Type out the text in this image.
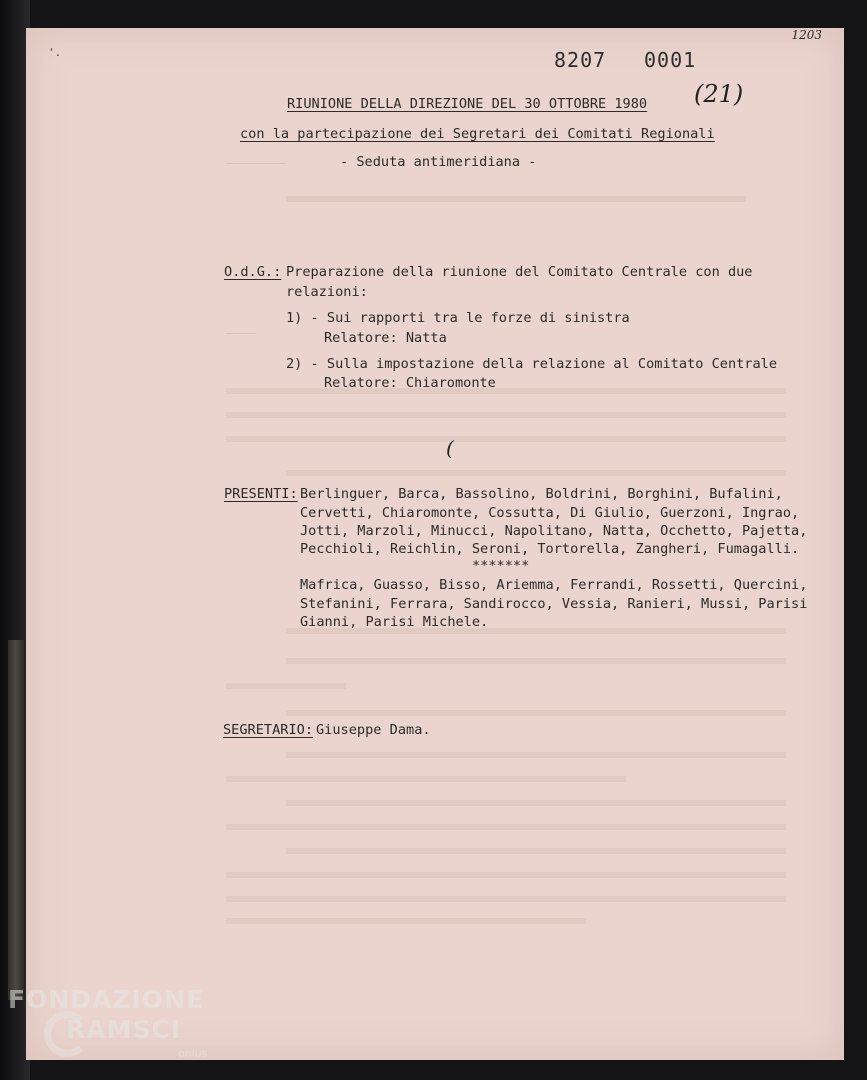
'.
1203
8207 0001
(21)
RIUNIONE DELLA DIREZIONE DEL 30 OTTOBRE 1980
con la partecipazione dei Segretari dei Comitati Regionali
- Seduta antimeridiana -
O.d.G.: Preparazione della riunione del Comitato Centrale con due
relazioni:
1) - Sui rapporti tra le forze di sinistra
Relatore: Natta
2) - Sulla impostazione della relazione al Comitato Centrale
Relatore: Chiaromonte
(
PRESENTI: Berlinguer, Barca, Bassolino, Boldrini, Borghini, Bufalini,
Cervetti, Chiaromonte, Cossutta, Di Giulio, Guerzoni, Ingrao,
Jotti, Marzoli, Minucci, Napolitano, Natta, Occhetto, Pajetta,
Pecchioli, Reichlin, Seroni, Tortorella, Zangheri, Fumagalli.
*******
Mafrica, Guasso, Bisso, Ariemma, Ferrandi, Rossetti, Quercini,
Stefanini, Ferrara, Sandirocco, Vessia, Ranieri, Mussi, Parisi
Gianni, Parisi Michele.
SEGRETARIO: Giuseppe Dama.
FONDAZIONE
RAMSCI
onlus
